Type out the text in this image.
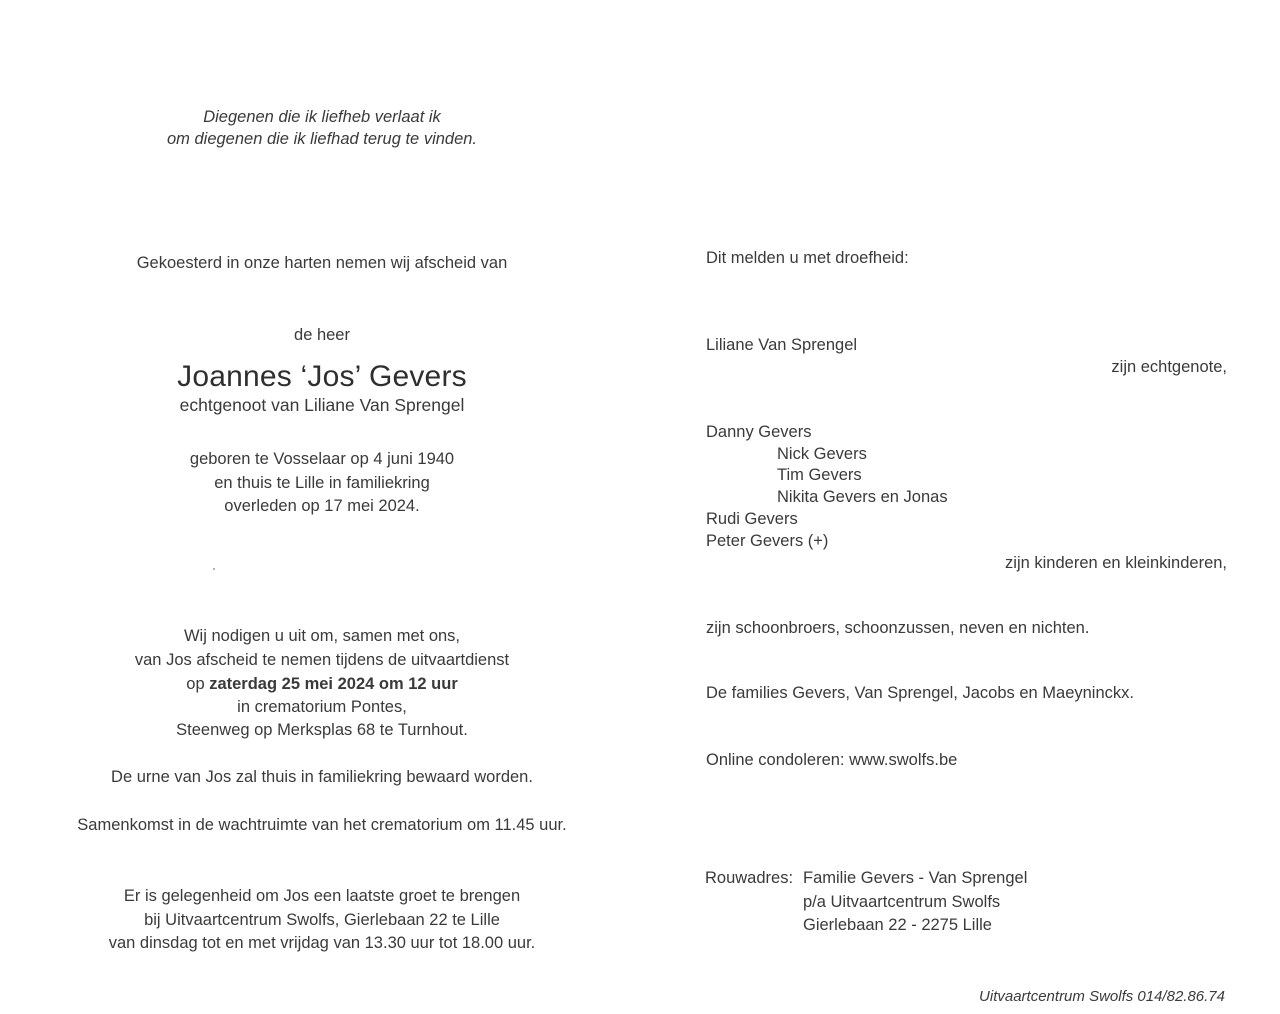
Diegenen die ik liefheb verlaat ik
om diegenen die ik liefhad terug te vinden.
Gekoesterd in onze harten nemen wij afscheid van
de heer
Joannes ‘Jos’ Gevers
echtgenoot van Liliane Van Sprengel
geboren te Vosselaar op 4 juni 1940
en thuis te Lille in familiekring
overleden op 17 mei 2024.
Wij nodigen u uit om, samen met ons,
van Jos afscheid te nemen tijdens de uitvaartdienst
op zaterdag 25 mei 2024 om 12 uur
in crematorium Pontes,
Steenweg op Merksplas 68 te Turnhout.
De urne van Jos zal thuis in familiekring bewaard worden.
Samenkomst in de wachtruimte van het crematorium om 11.45 uur.
Er is gelegenheid om Jos een laatste groet te brengen
bij Uitvaartcentrum Swolfs, Gierlebaan 22 te Lille
van dinsdag tot en met vrijdag van 13.30 uur tot 18.00 uur.
Dit melden u met droefheid:
Liliane Van Sprengel
zijn echtgenote,
Danny Gevers
Nick Gevers
Tim Gevers
Nikita Gevers en Jonas
Rudi Gevers
Peter Gevers (+)
zijn kinderen en kleinkinderen,
zijn schoonbroers, schoonzussen, neven en nichten.
De families Gevers, Van Sprengel, Jacobs en Maeyninckx.
Online condoleren: www.swolfs.be
Rouwadres: Familie Gevers - Van Sprengel
p/a Uitvaartcentrum Swolfs
Gierlebaan 22 - 2275 Lille
Uitvaartcentrum Swolfs 014/82.86.74
